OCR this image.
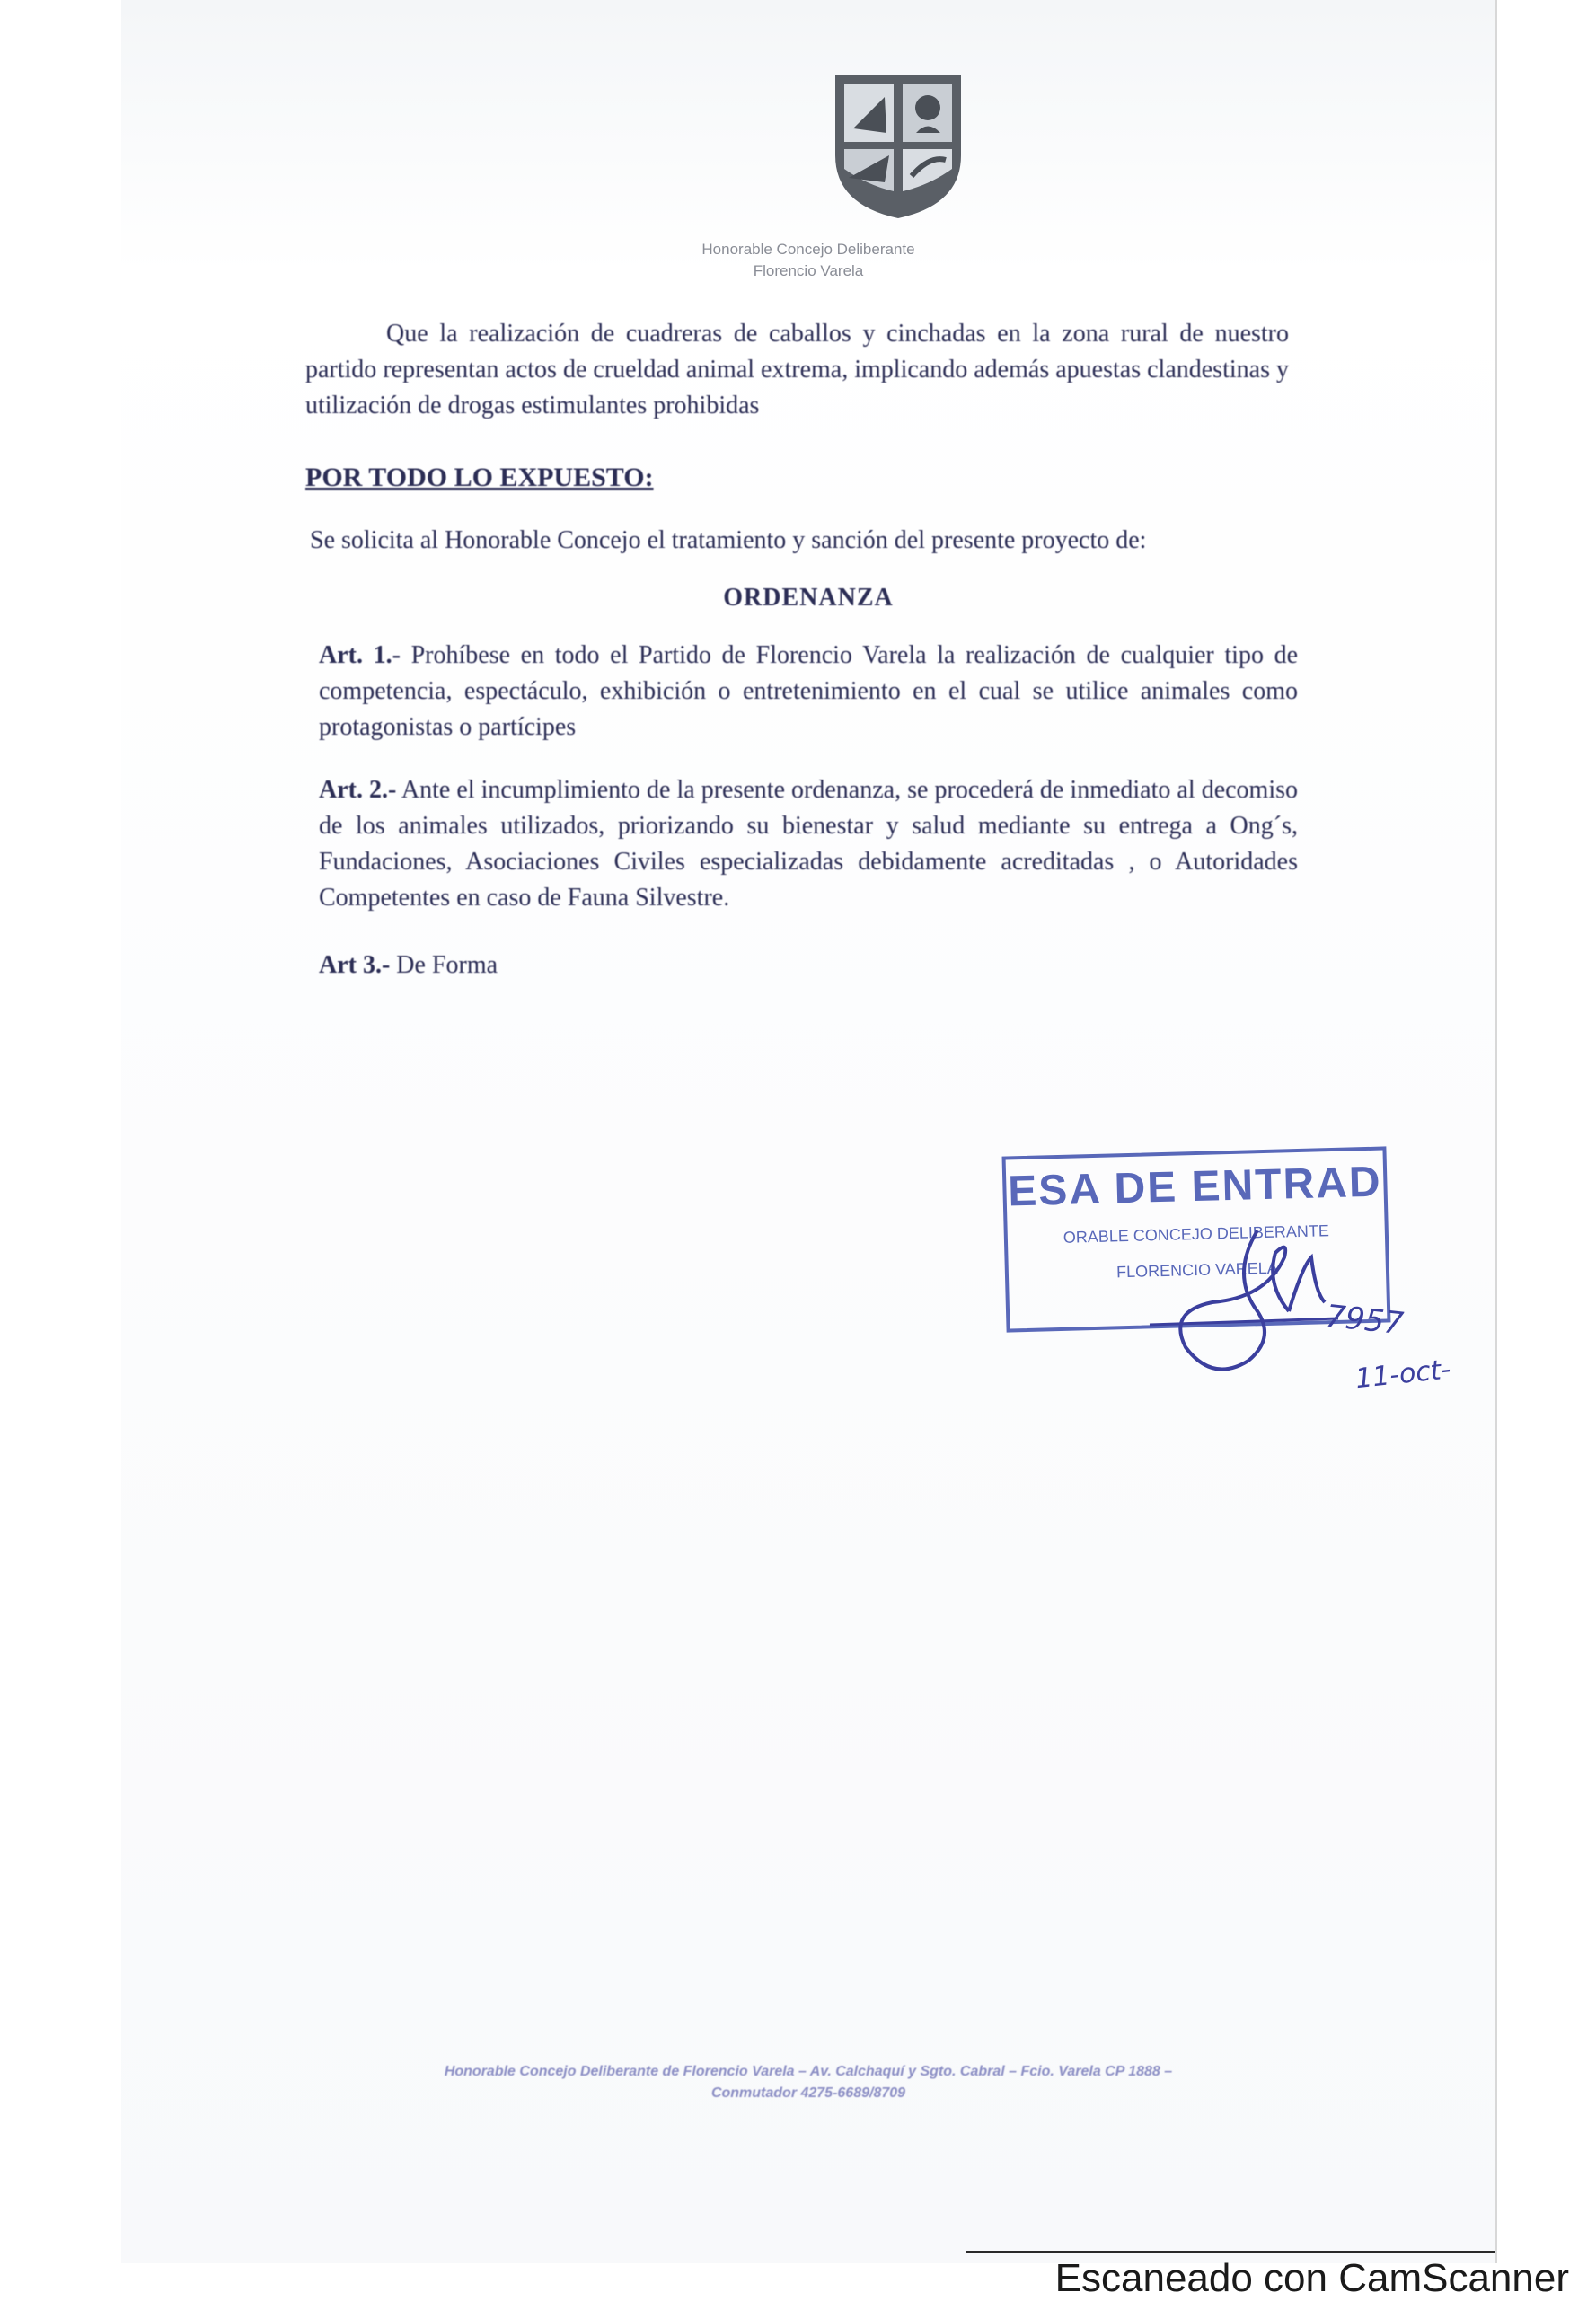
Honorable Concejo Deliberante
Florencio Varela
Que la realización de cuadreras de caballos y cinchadas en la zona rural de nuestro partido representan actos de crueldad animal extrema, implicando además apuestas clandestinas y utilización de drogas estimulantes prohibidas
POR TODO LO EXPUESTO:
Se solicita al Honorable Concejo el tratamiento y sanción del presente proyecto de:
ORDENANZA
Art. 1.- Prohíbese en todo el Partido de Florencio Varela la realización de cualquier tipo de competencia, espectáculo, exhibición o entretenimiento en el cual se utilice animales como protagonistas o partícipes
Art. 2.- Ante el incumplimiento de la presente ordenanza, se procederá de inmediato al decomiso de los animales utilizados, priorizando su bienestar y salud mediante su entrega a Ong´s, Fundaciones, Asociaciones Civiles especializadas debidamente acreditadas , o Autoridades Competentes en caso de Fauna Silvestre.
Art 3.- De Forma
Honorable Concejo Deliberante de Florencio Varela – Av. Calchaquí y Sgto. Cabral – Fcio. Varela CP 1888 –
Conmutador 4275-6689/8709
ESA DE ENTRAD
ORABLE CONCEJO DELIBERANTE
FLORENCIO VARELA
7957
11-oct-
Escaneado con CamScanner
